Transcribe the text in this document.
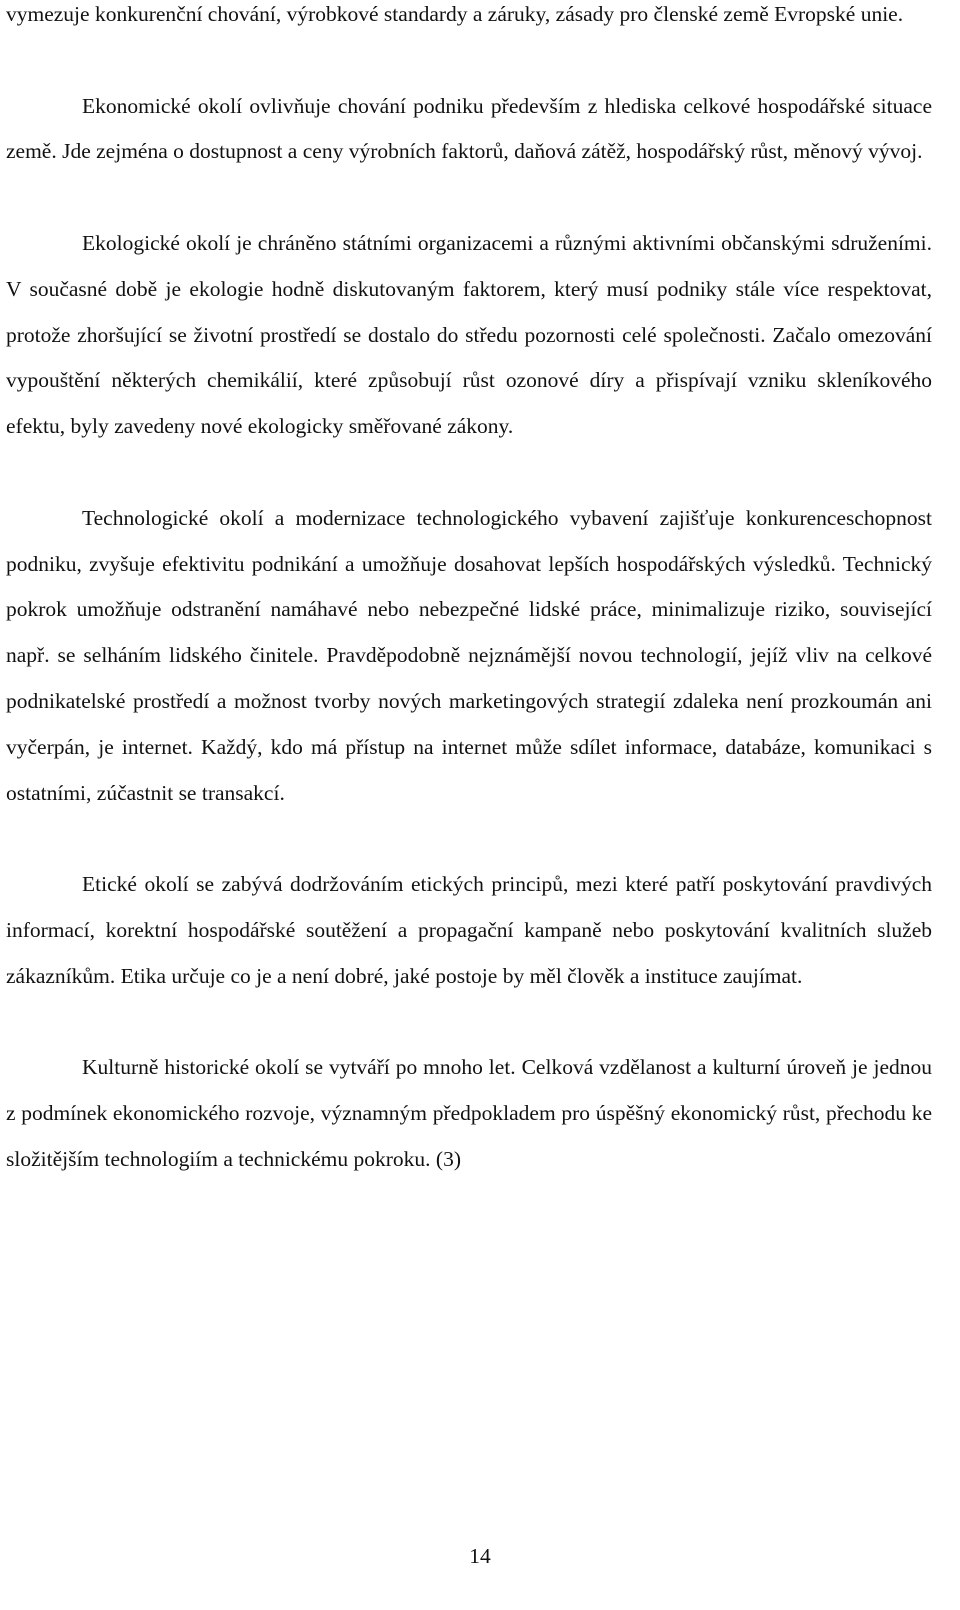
vymezuje konkurenční chování, výrobkové standardy a záruky, zásady pro členské země Evropské unie.

Ekonomické okolí ovlivňuje chování podniku především z hlediska celkové hospodářské situace země. Jde zejména o dostupnost a ceny výrobních faktorů, daňová zátěž, hospodářský růst, měnový vývoj.

Ekologické okolí je chráněno státními organizacemi a různými aktivními občanskými sdruženími. V současné době je ekologie hodně diskutovaným faktorem, který musí podniky stále více respektovat, protože zhoršující se životní prostředí se dostalo do středu pozornosti celé společnosti. Začalo omezování vypouštění některých chemikálií, které způsobují růst ozonové díry a přispívají vzniku skleníkového efektu, byly zavedeny nové ekologicky směřované zákony.

Technologické okolí a modernizace technologického vybavení zajišťuje konkurenceschopnost podniku, zvyšuje efektivitu podnikání a umožňuje dosahovat lepších hospodářských výsledků. Technický pokrok umožňuje odstranění namáhavé nebo nebezpečné lidské práce, minimalizuje riziko, související např. se selháním lidského činitele. Pravděpodobně nejznámější novou technologií, jejíž vliv na celkové podnikatelské prostředí a možnost tvorby nových marketingových strategií zdaleka není prozkoumán ani vyčerpán, je internet. Každý, kdo má přístup na internet může sdílet informace, databáze, komunikaci s ostatními, zúčastnit se transakcí.

Etické okolí se zabývá dodržováním etických principů, mezi které patří poskytování pravdivých informací, korektní hospodářské soutěžení a propagační kampaně nebo poskytování kvalitních služeb zákazníkům. Etika určuje co je a není dobré, jaké postoje by měl člověk a instituce zaujímat.

Kulturně historické okolí se vytváří po mnoho let. Celková vzdělanost a kulturní úroveň je jednou z podmínek ekonomického rozvoje, významným předpokladem pro úspěšný ekonomický růst, přechodu ke složitějším technologiím a technickému pokroku. (3)

14
